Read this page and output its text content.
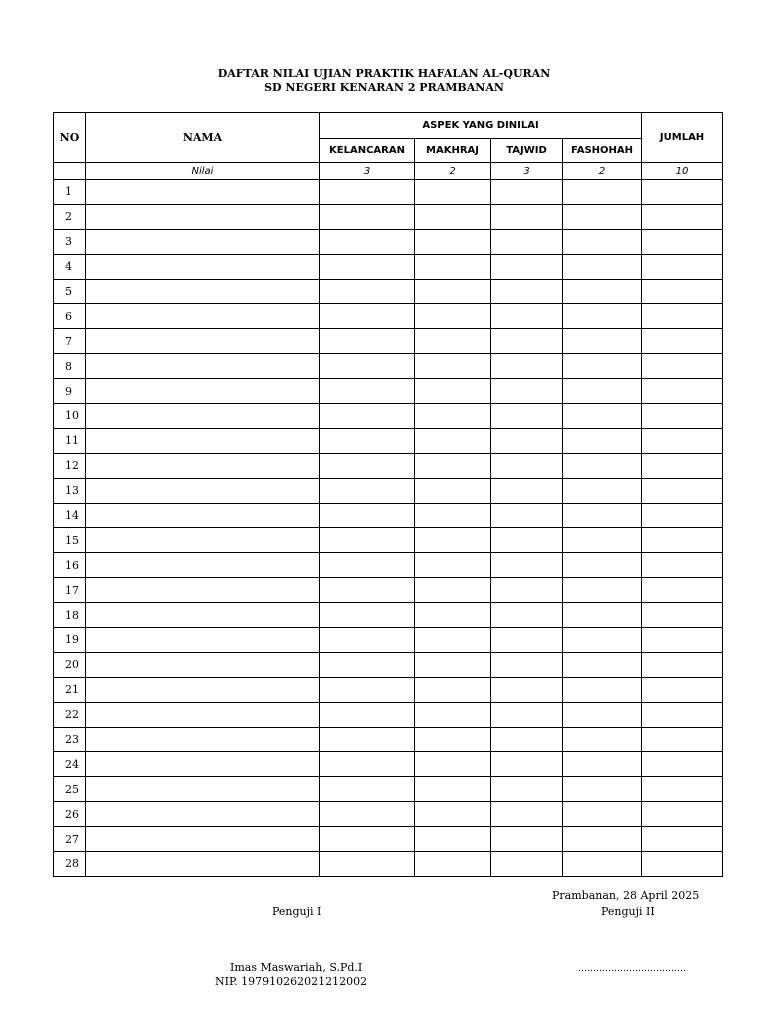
DAFTAR NILAI UJIAN PRAKTIK HAFALAN AL-QURAN
SD NEGERI KENARAN 2 PRAMBANAN
NO	NAMA	ASPEK YANG DINILAI				JUMLAH
		KELANCARAN	MAKHRAJ	TAJWID	FASHOHAH	
	Nilai	3	2	3	2	10
1						
2						
3						
4						
5						
6						
7						
8						
9						
10						
11						
12						
13						
14						
15						
16						
17						
18						
19						
20						
21						
22						
23						
24						
25						
26						
27						
28						
Prambanan, 28 April 2025
Penguji I	Penguji II
Imas Maswariah, S.Pd.I
NIP. 197910262021212002
………………………………
